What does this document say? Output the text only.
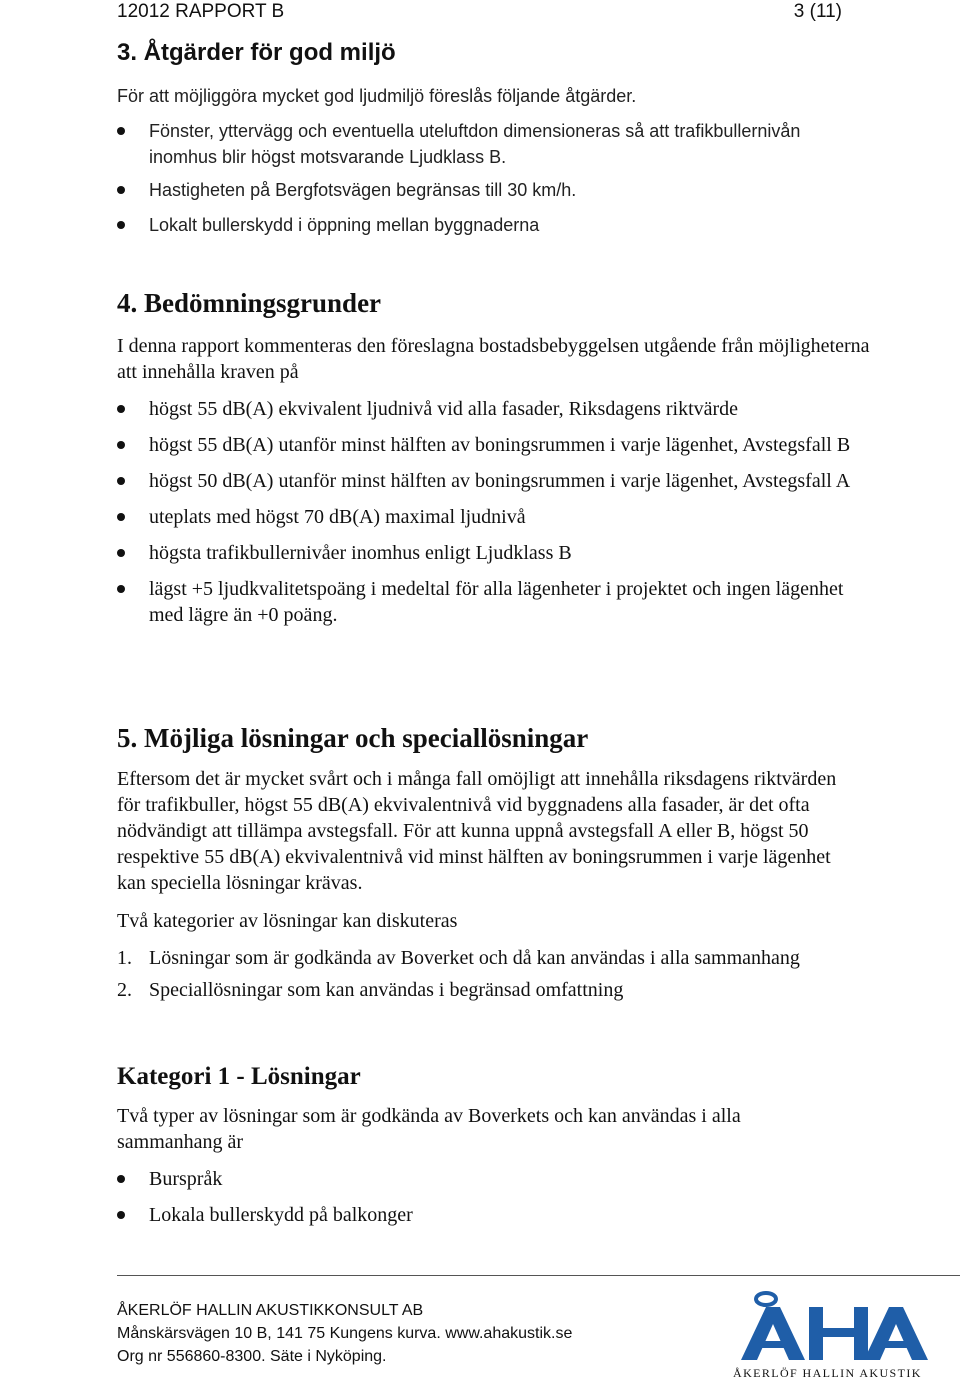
12012 RAPPORT B	3 (11)
3. Åtgärder för god miljö
För att möjliggöra mycket god ljudmiljö föreslås följande åtgärder.
Fönster, yttervägg och eventuella uteluftdon dimensioneras så att trafikbullernivån inomhus blir högst motsvarande Ljudklass B.
Hastigheten på Bergfotsvägen begränsas till 30 km/h.
Lokalt bullerskydd i öppning mellan byggnaderna
4. Bedömningsgrunder
I denna rapport kommenteras den föreslagna bostadsbebyggelsen utgående från möjligheterna att innehålla kraven på
högst 55 dB(A) ekvivalent ljudnivå vid alla fasader, Riksdagens riktvärde
högst 55 dB(A) utanför minst hälften av boningsrummen i varje lägenhet, Avstegsfall B
högst 50 dB(A) utanför minst hälften av boningsrummen i varje lägenhet, Avstegsfall A
uteplats med högst 70 dB(A) maximal ljudnivå
högsta trafikbullernivåer inomhus enligt Ljudklass B
lägst +5 ljudkvalitetspoäng i medeltal för alla lägenheter i projektet och ingen lägenhet med lägre än +0 poäng.
5. Möjliga lösningar och speciallösningar
Eftersom det är mycket svårt och i många fall omöjligt att innehålla riksdagens riktvärden för trafikbuller, högst 55 dB(A) ekvivalentnivå vid byggnadens alla fasader, är det ofta nödvändigt att tillämpa avstegsfall. För att kunna uppnå avstegsfall A eller B, högst 50 respektive 55 dB(A) ekvivalentnivå vid minst hälften av boningsrummen i varje lägenhet kan speciella lösningar krävas.
Två kategorier av lösningar kan diskuteras
1. Lösningar som är godkända av Boverket och då kan användas i alla sammanhang
2. Speciallösningar som kan användas i begränsad omfattning
Kategori 1 - Lösningar
Två typer av lösningar som är godkända av Boverkets och kan användas i alla sammanhang är
Burspråk
Lokala bullerskydd på balkonger
ÅKERLÖF HALLIN AKUSTIKKONSULT AB
Månskärsvägen 10 B, 141 75 Kungens kurva. www.ahakustik.se
Org nr 556860-8300. Säte i Nyköping.
ÅKERLÖF HALLIN AKUSTIK
